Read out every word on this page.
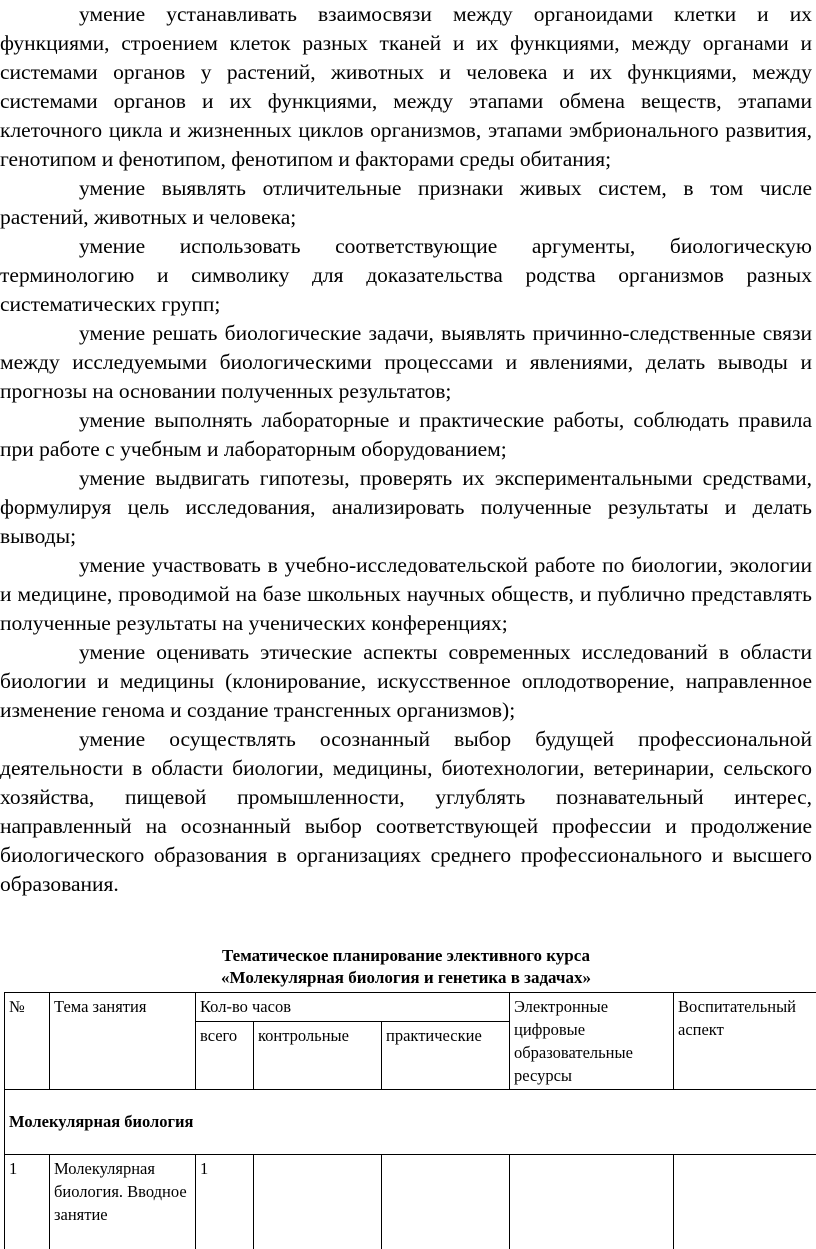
умение устанавливать взаимосвязи между органоидами клетки и их функциями, строением клеток разных тканей и их функциями, между органами и системами органов у растений, животных и человека и их функциями, между системами органов и их функциями, между этапами обмена веществ, этапами клеточного цикла и жизненных циклов организмов, этапами эмбрионального развития, генотипом и фенотипом, фенотипом и факторами среды обитания;

умение выявлять отличительные признаки живых систем, в том числе растений, животных и человека;

умение использовать соответствующие аргументы, биологическую терминологию и символику для доказательства родства организмов разных систематических групп;

умение решать биологические задачи, выявлять причинно-следственные связи между исследуемыми биологическими процессами и явлениями, делать выводы и прогнозы на основании полученных результатов;

умение выполнять лабораторные и практические работы, соблюдать правила при работе с учебным и лабораторным оборудованием;

умение выдвигать гипотезы, проверять их экспериментальными средствами, формулируя цель исследования, анализировать полученные результаты и делать выводы;

умение участвовать в учебно-исследовательской работе по биологии, экологии и медицине, проводимой на базе школьных научных обществ, и публично представлять полученные результаты на ученических конференциях;

умение оценивать этические аспекты современных исследований в области биологии и медицины (клонирование, искусственное оплодотворение, направленное изменение генома и создание трансгенных организмов);

умение осуществлять осознанный выбор будущей профессиональной деятельности в области биологии, медицины, биотехнологии, ветеринарии, сельского хозяйства, пищевой промышленности, углублять познавательный интерес, направленный на осознанный выбор соответствующей профессии и продолжение биологического образования в организациях среднего профессионального и высшего образования.

Тематическое планирование элективного курса
«Молекулярная биология и генетика в задачах»
№	Тема занятия	Кол-во часов			Электронные цифровые образовательные ресурсы	Воспитательный аспект
		всего	контрольные	практические		
Молекулярная биология						
1	Молекулярная биология. Вводное занятие	1				
